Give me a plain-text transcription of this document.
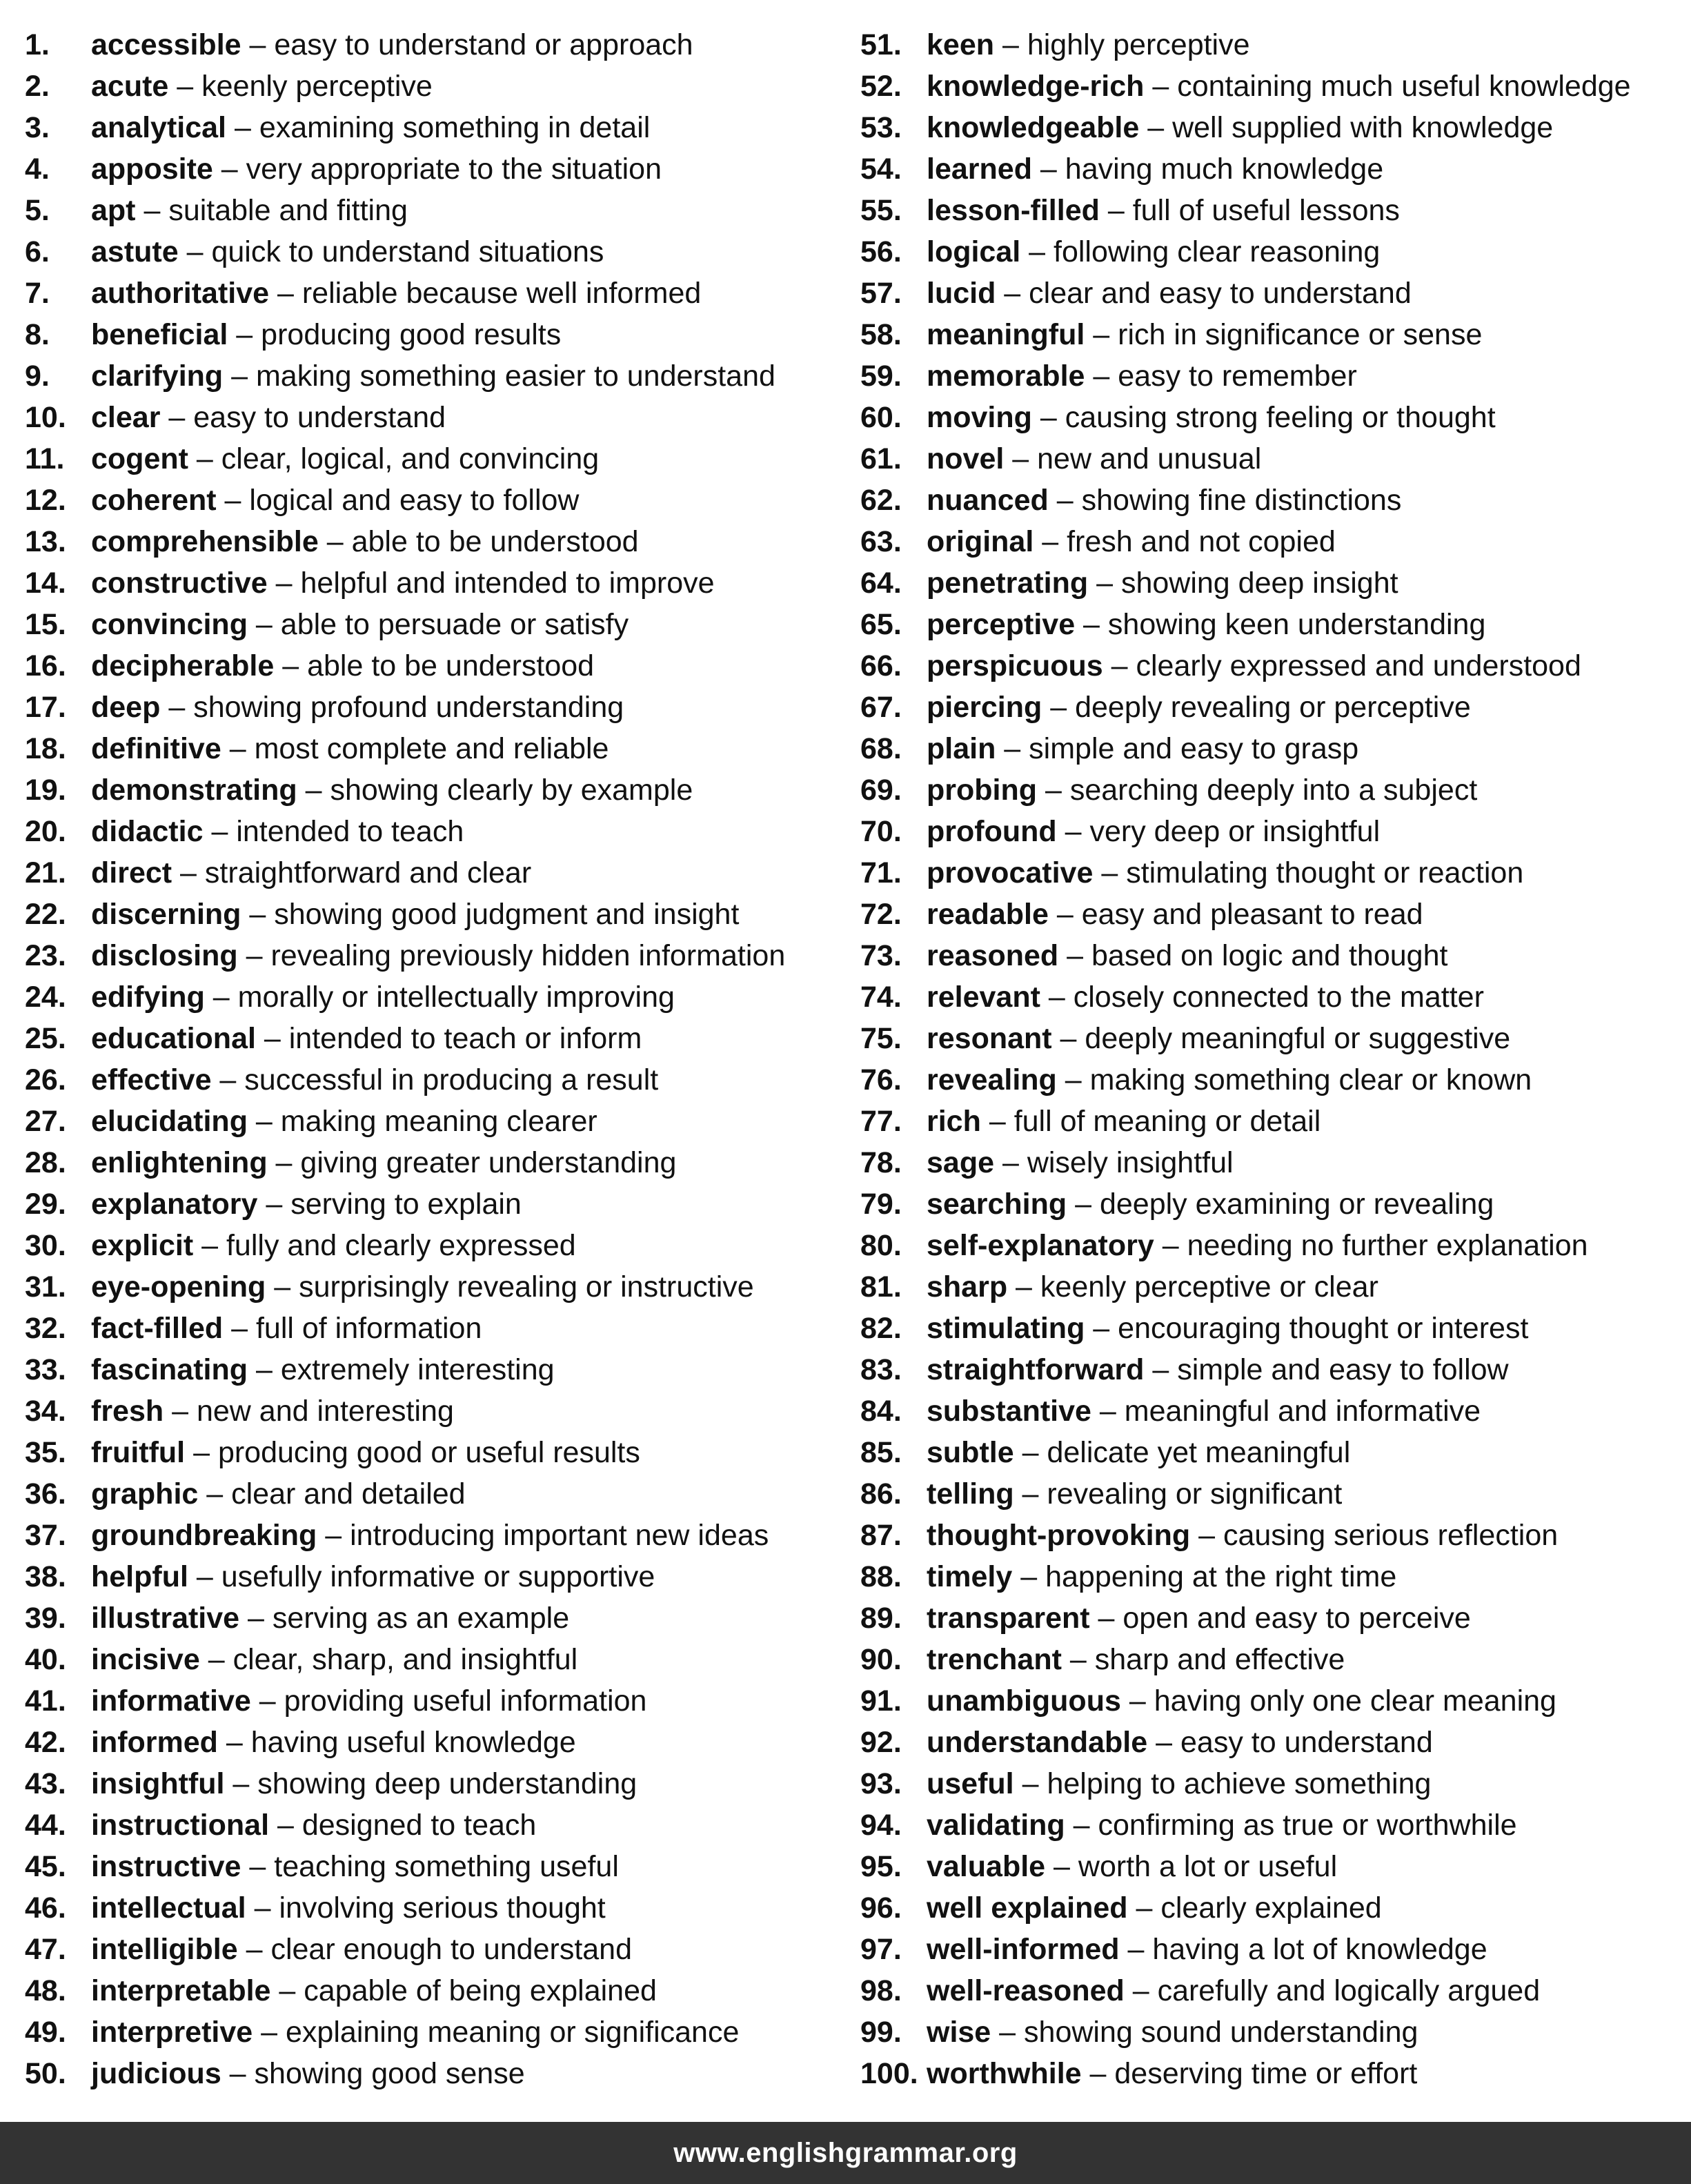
1. accessible – easy to understand or approach
2. acute – keenly perceptive
3. analytical – examining something in detail
4. apposite – very appropriate to the situation
5. apt – suitable and fitting
6. astute – quick to understand situations
7. authoritative – reliable because well informed
8. beneficial – producing good results
9. clarifying – making something easier to understand
10. clear – easy to understand
11. cogent – clear, logical, and convincing
12. coherent – logical and easy to follow
13. comprehensible – able to be understood
14. constructive – helpful and intended to improve
15. convincing – able to persuade or satisfy
16. decipherable – able to be understood
17. deep – showing profound understanding
18. definitive – most complete and reliable
19. demonstrating – showing clearly by example
20. didactic – intended to teach
21. direct – straightforward and clear
22. discerning – showing good judgment and insight
23. disclosing – revealing previously hidden information
24. edifying – morally or intellectually improving
25. educational – intended to teach or inform
26. effective – successful in producing a result
27. elucidating – making meaning clearer
28. enlightening – giving greater understanding
29. explanatory – serving to explain
30. explicit – fully and clearly expressed
31. eye-opening – surprisingly revealing or instructive
32. fact-filled – full of information
33. fascinating – extremely interesting
34. fresh – new and interesting
35. fruitful – producing good or useful results
36. graphic – clear and detailed
37. groundbreaking – introducing important new ideas
38. helpful – usefully informative or supportive
39. illustrative – serving as an example
40. incisive – clear, sharp, and insightful
41. informative – providing useful information
42. informed – having useful knowledge
43. insightful – showing deep understanding
44. instructional – designed to teach
45. instructive – teaching something useful
46. intellectual – involving serious thought
47. intelligible – clear enough to understand
48. interpretable – capable of being explained
49. interpretive – explaining meaning or significance
50. judicious – showing good sense
51. keen – highly perceptive
52. knowledge-rich – containing much useful knowledge
53. knowledgeable – well supplied with knowledge
54. learned – having much knowledge
55. lesson-filled – full of useful lessons
56. logical – following clear reasoning
57. lucid – clear and easy to understand
58. meaningful – rich in significance or sense
59. memorable – easy to remember
60. moving – causing strong feeling or thought
61. novel – new and unusual
62. nuanced – showing fine distinctions
63. original – fresh and not copied
64. penetrating – showing deep insight
65. perceptive – showing keen understanding
66. perspicuous – clearly expressed and understood
67. piercing – deeply revealing or perceptive
68. plain – simple and easy to grasp
69. probing – searching deeply into a subject
70. profound – very deep or insightful
71. provocative – stimulating thought or reaction
72. readable – easy and pleasant to read
73. reasoned – based on logic and thought
74. relevant – closely connected to the matter
75. resonant – deeply meaningful or suggestive
76. revealing – making something clear or known
77. rich – full of meaning or detail
78. sage – wisely insightful
79. searching – deeply examining or revealing
80. self-explanatory – needing no further explanation
81. sharp – keenly perceptive or clear
82. stimulating – encouraging thought or interest
83. straightforward – simple and easy to follow
84. substantive – meaningful and informative
85. subtle – delicate yet meaningful
86. telling – revealing or significant
87. thought-provoking – causing serious reflection
88. timely – happening at the right time
89. transparent – open and easy to perceive
90. trenchant – sharp and effective
91. unambiguous – having only one clear meaning
92. understandable – easy to understand
93. useful – helping to achieve something
94. validating – confirming as true or worthwhile
95. valuable – worth a lot or useful
96. well explained – clearly explained
97. well-informed – having a lot of knowledge
98. well-reasoned – carefully and logically argued
99. wise – showing sound understanding
100. worthwhile – deserving time or effort
www.englishgrammar.org
